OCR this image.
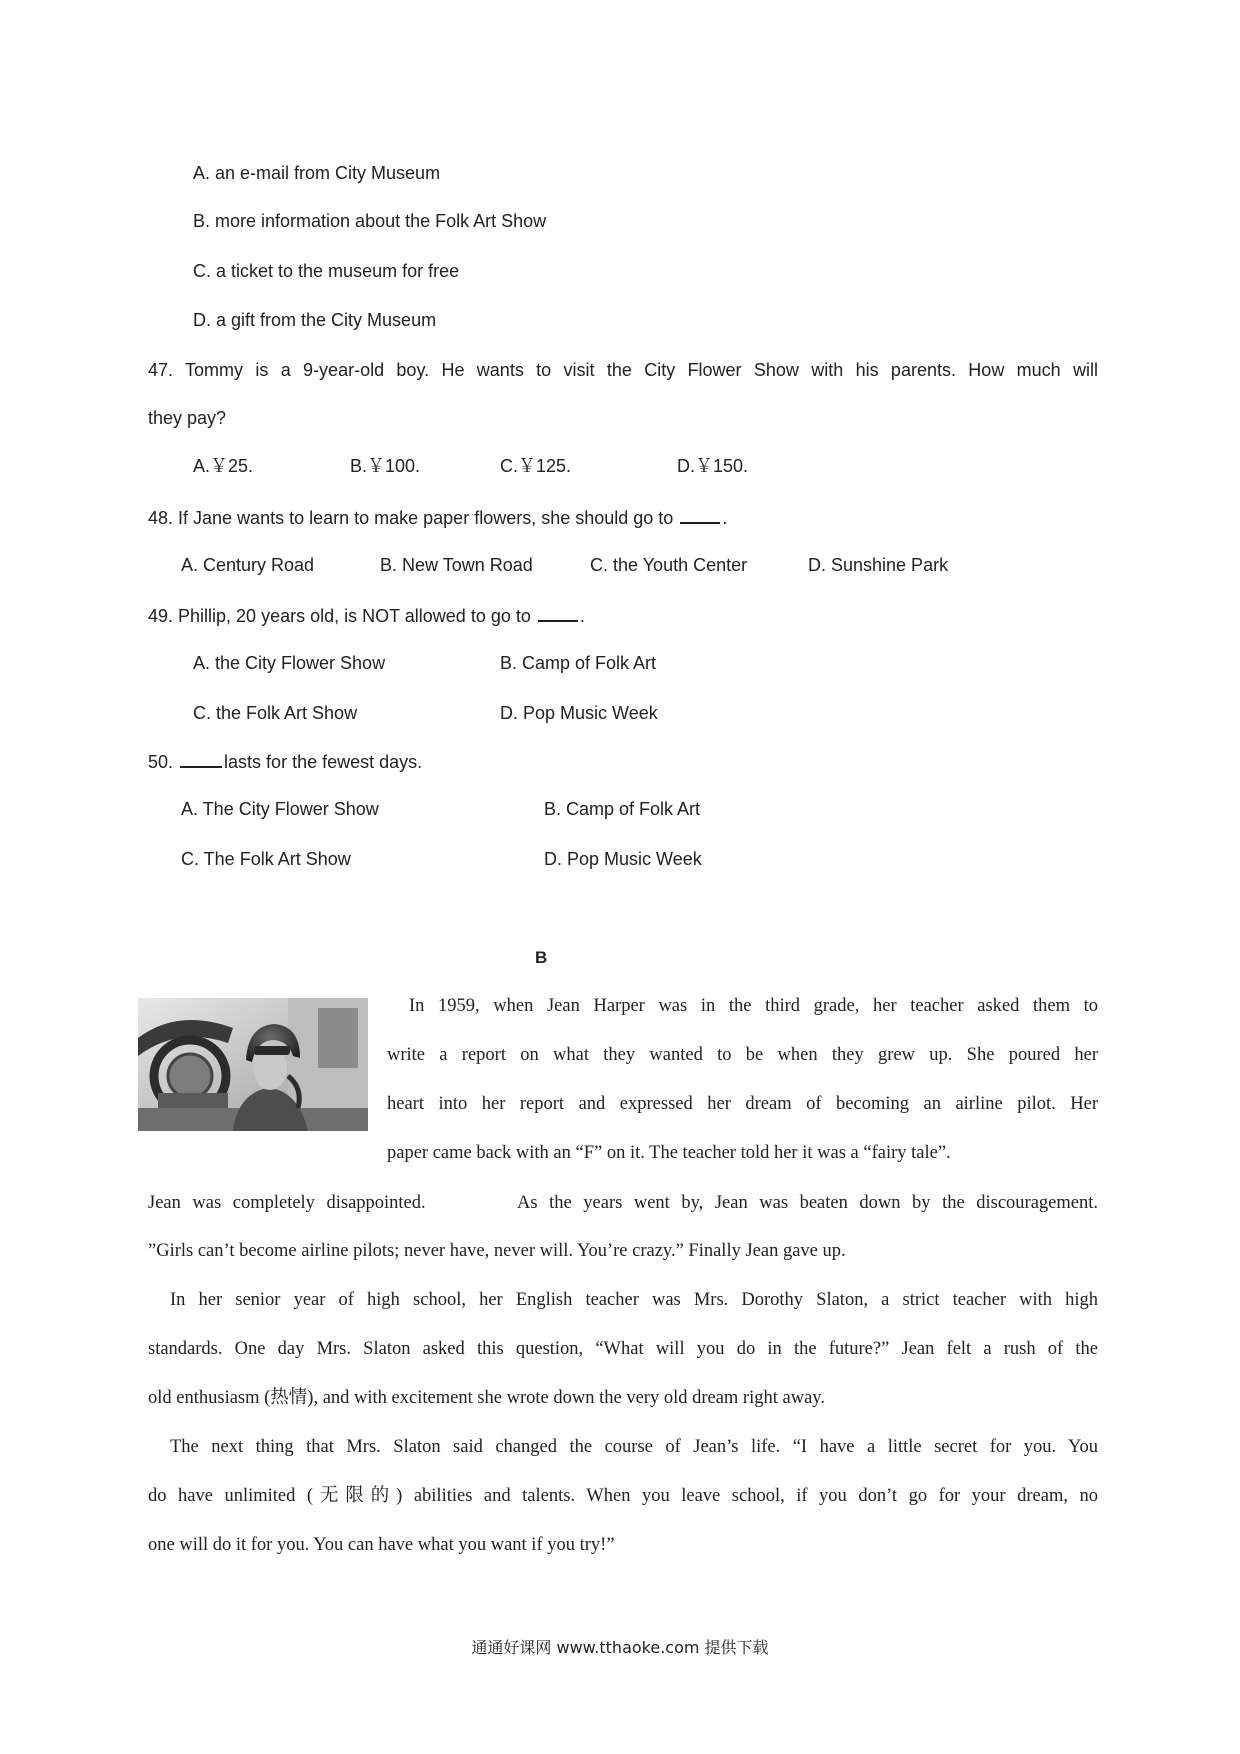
A. an e-mail from City Museum
B. more information about the Folk Art Show
C. a ticket to the museum for free
D. a gift from the City Museum
47. Tommy is a 9-year-old boy. He wants to visit the City Flower Show with his parents. How much will
they pay?
A.￥25.	B.￥100.	C.￥125.	D.￥150.
48. If Jane wants to learn to make paper flowers, she should go to	.
A. Century Road	B. New Town Road	C. the Youth Center	D. Sunshine Park
49. Phillip, 20 years old, is NOT allowed to go to	.
A. the City Flower Show	B. Camp of Folk Art
C. the Folk Art Show	D. Pop Music Week
50.	lasts for the fewest days.
A. The City Flower Show	B. Camp of Folk Art
C. The Folk Art Show	D. Pop Music Week
B
In 1959, when Jean Harper was in the third grade, her teacher asked them to
write a report on what they wanted to be when they grew up. She poured her
heart into her report and expressed her dream of becoming an airline pilot. Her
paper came back with an “F” on it. The teacher told her it was a “fairy tale”.
Jean was completely disappointed.        As the years went by, Jean was beaten down by the discouragement.
”Girls can’t become airline pilots; never have, never will. You’re crazy.” Finally Jean gave up.
In her senior year of high school, her English teacher was Mrs. Dorothy Slaton, a strict teacher with high
standards. One day Mrs. Slaton asked this question, “What will you do in the future?” Jean felt a rush of the
old enthusiasm (热情), and with excitement she wrote down the very old dream right away.
The next thing that Mrs. Slaton said changed the course of Jean’s life. “I have a little secret for you. You
do have unlimited (无限的) abilities and talents. When you leave school, if you don’t go for your dream, no
one will do it for you. You can have what you want if you try!”
通通好课网 www.tthaoke.com 提供下载
